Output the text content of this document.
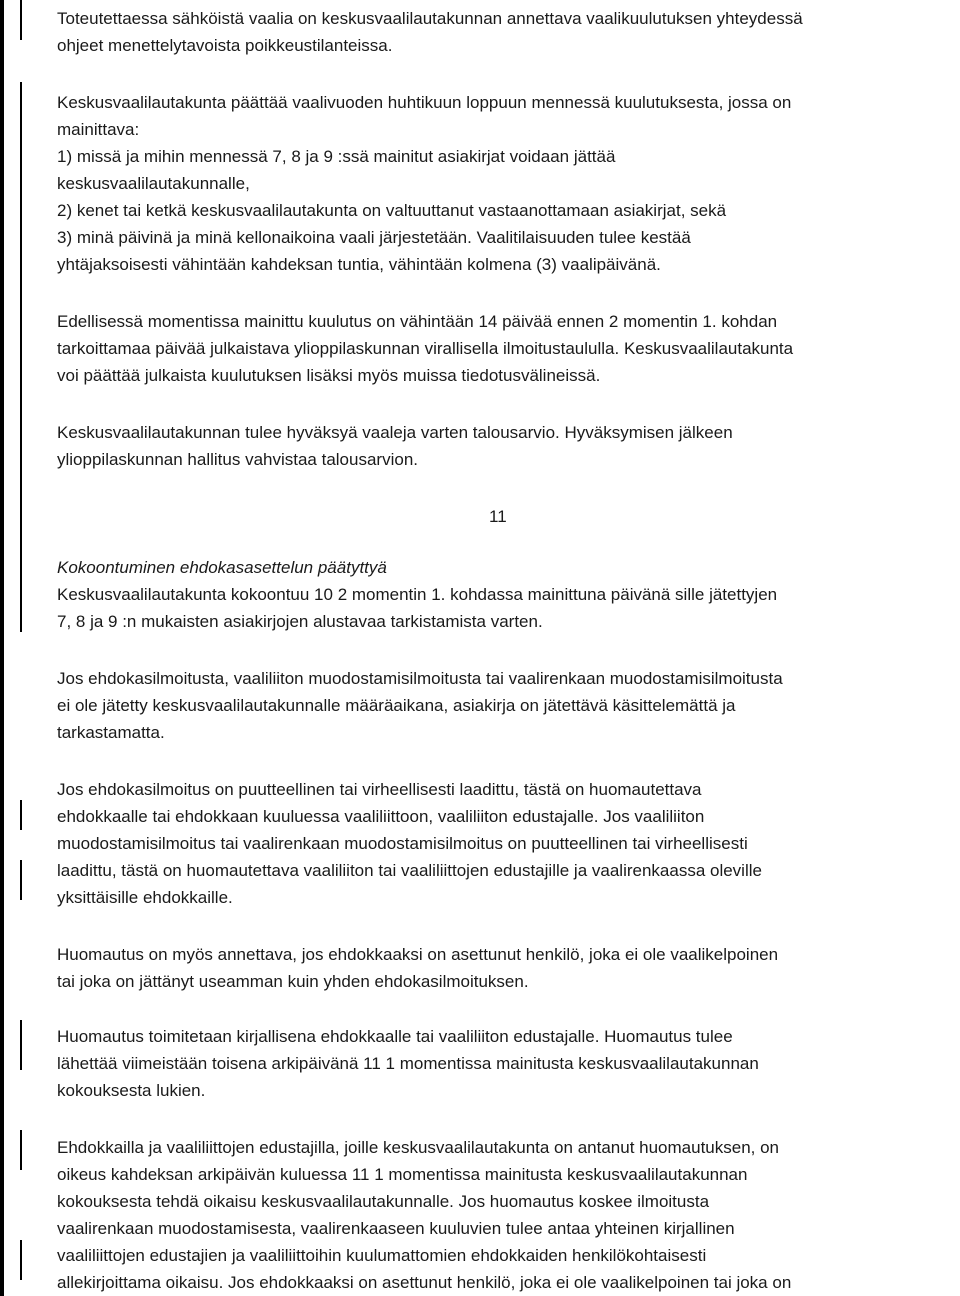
Toteutettaessa sähköistä vaalia on keskusvaalilautakunnan annettava vaalikuulutuksen yhteydessä
ohjeet menettelytavoista poikkeustilanteissa.
Keskusvaalilautakunta päättää vaalivuoden huhtikuun loppuun mennessä kuulutuksesta, jossa on
mainittava:
1) missä ja mihin mennessä 7, 8 ja 9 :ssä mainitut asiakirjat voidaan jättää
keskusvaalilautakunnalle,
2) kenet tai ketkä keskusvaalilautakunta on valtuuttanut vastaanottamaan asiakirjat, sekä
3) minä päivinä ja minä kellonaikoina vaali järjestetään. Vaalitilaisuuden tulee kestää
yhtäjaksoisesti vähintään kahdeksan tuntia, vähintään kolmena (3) vaalipäivänä.
Edellisessä momentissa mainittu kuulutus on vähintään 14 päivää ennen 2 momentin 1. kohdan
tarkoittamaa päivää julkaistava ylioppilaskunnan virallisella ilmoitustaululla. Keskusvaalilautakunta
voi päättää julkaista kuulutuksen lisäksi myös muissa tiedotusvälineissä.
Keskusvaalilautakunnan tulee hyväksyä vaaleja varten talousarvio. Hyväksymisen jälkeen
ylioppilaskunnan hallitus vahvistaa talousarvion.
11
Kokoontuminen ehdokasasettelun päätyttyä
Keskusvaalilautakunta kokoontuu 10 2 momentin 1. kohdassa mainittuna päivänä sille jätettyjen
7, 8 ja 9 :n mukaisten asiakirjojen alustavaa tarkistamista varten.
Jos ehdokasilmoitusta, vaaliliiton muodostamisilmoitusta tai vaalirenkaan muodostamisilmoitusta
ei ole jätetty keskusvaalilautakunnalle määräaikana, asiakirja on jätettävä käsittelemättä ja
tarkastamatta.
Jos ehdokasilmoitus on puutteellinen tai virheellisesti laadittu, tästä on huomautettava
ehdokkaalle tai ehdokkaan kuuluessa vaaliliittoon, vaaliliiton edustajalle. Jos vaaliliiton
muodostamisilmoitus tai vaalirenkaan muodostamisilmoitus on puutteellinen tai virheellisesti
laadittu, tästä on huomautettava vaaliliiton tai vaaliliittojen edustajille ja vaalirenkaassa oleville
yksittäisille ehdokkaille.
Huomautus on myös annettava, jos ehdokkaaksi on asettunut henkilö, joka ei ole vaalikelpoinen
tai joka on jättänyt useamman kuin yhden ehdokasilmoituksen.
Huomautus toimitetaan kirjallisena ehdokkaalle tai vaaliliiton edustajalle. Huomautus tulee
lähettää viimeistään toisena arkipäivänä 11 1 momentissa mainitusta keskusvaalilautakunnan
kokouksesta lukien.
Ehdokkailla ja vaaliliittojen edustajilla, joille keskusvaalilautakunta on antanut huomautuksen, on
oikeus kahdeksan arkipäivän kuluessa 11 1 momentissa mainitusta keskusvaalilautakunnan
kokouksesta tehdä oikaisu keskusvaalilautakunnalle. Jos huomautus koskee ilmoitusta
vaalirenkaan muodostamisesta, vaalirenkaaseen kuuluvien tulee antaa yhteinen kirjallinen
vaaliliittojen edustajien ja vaaliliittoihin kuulumattomien ehdokkaiden henkilökohtaisesti
allekirjoittama oikaisu. Jos ehdokkaaksi on asettunut henkilö, joka ei ole vaalikelpoinen tai joka on
